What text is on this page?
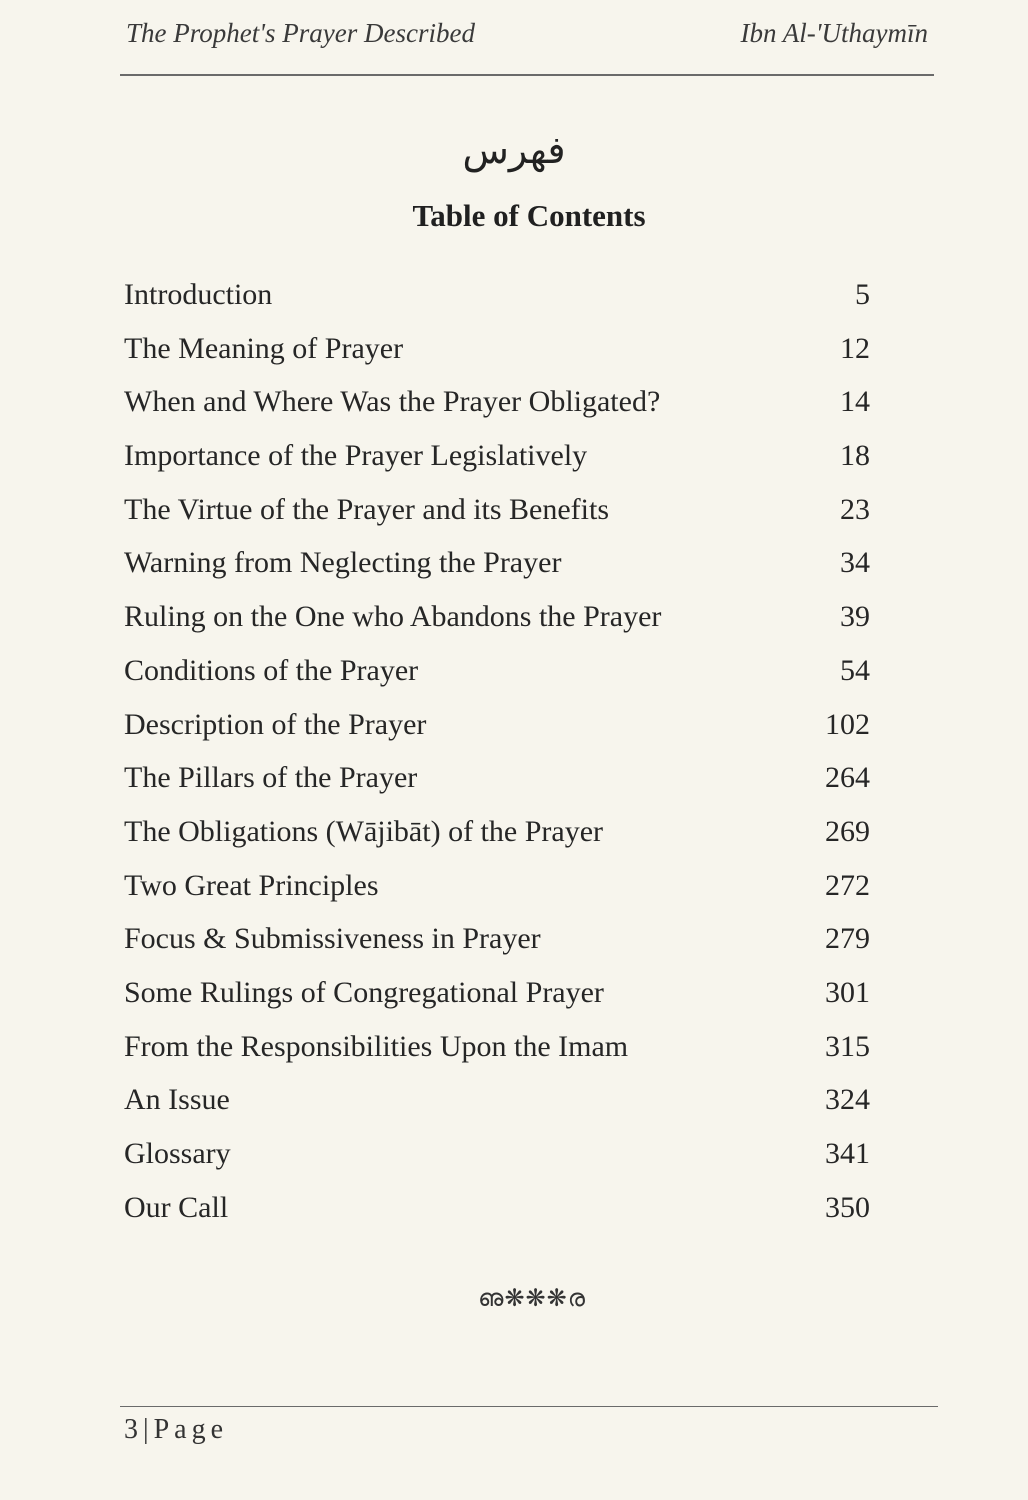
The Prophet's Prayer Described	Ibn Al-'Uthaymīn
فهرس
Table of Contents
Introduction	5
The Meaning of Prayer	12
When and Where Was the Prayer Obligated?	14
Importance of the Prayer Legislatively	18
The Virtue of the Prayer and its Benefits	23
Warning from Neglecting the Prayer	34
Ruling on the One who Abandons the Prayer	39
Conditions of the Prayer	54
Description of the Prayer	102
The Pillars of the Prayer	264
The Obligations (Wājibāt) of the Prayer	269
Two Great Principles	272
Focus & Submissiveness in Prayer	279
Some Rulings of Congregational Prayer	301
From the Responsibilities Upon the Imam	315
An Issue	324
Glossary	341
Our Call	350
ഌ❋❋❋ര
3|Page
